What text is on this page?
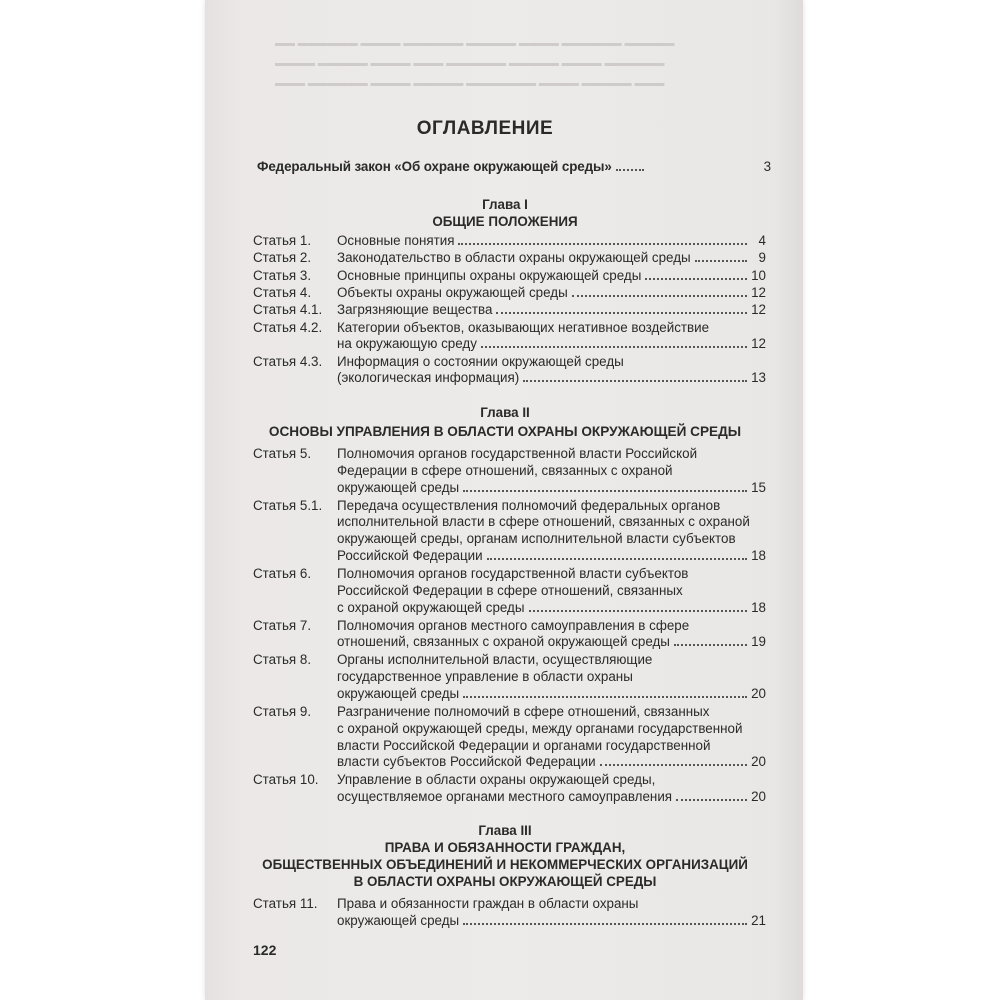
▬▬ ▬▬▬▬▬▬ ▬▬▬▬ ▬▬▬▬▬▬ ▬▬▬▬▬ ▬▬▬▬ ▬▬▬▬▬▬ ▬▬▬▬▬
▬▬▬▬ ▬▬▬▬▬ ▬▬▬▬ ▬▬▬ ▬▬▬▬▬▬ ▬▬▬▬▬ ▬▬▬▬ ▬▬▬▬▬▬
▬▬▬ ▬▬▬▬▬▬ ▬▬▬▬ ▬▬▬▬▬ ▬▬▬▬▬▬▬ ▬▬▬▬ ▬▬▬▬▬ ▬▬▬
ОГЛАВЛЕНИЕ
Федеральный закон «Об охране окружающей среды»	3
Глава I
ОБЩИЕ ПОЛОЖЕНИЯ
Статья 1. Основные понятия	4
Статья 2. Законодательство в области охраны окружающей среды	9
Статья 3. Основные принципы охраны окружающей среды	10
Статья 4. Объекты охраны окружающей среды	12
Статья 4.1. Загрязняющие вещества	12
Статья 4.2. Категории объектов, оказывающих негативное воздействие
на окружающую среду	12
Статья 4.3. Информация о состоянии окружающей среды
(экологическая информация)	13
Глава II
ОСНОВЫ УПРАВЛЕНИЯ В ОБЛАСТИ ОХРАНЫ ОКРУЖАЮЩЕЙ СРЕДЫ
Статья 5. Полномочия органов государственной власти Российской
Федерации в сфере отношений, связанных с охраной
окружающей среды	15
Статья 5.1. Передача осуществления полномочий федеральных органов
исполнительной власти в сфере отношений, связанных с охраной
окружающей среды, органам исполнительной власти субъектов
Российской Федерации	18
Статья 6. Полномочия органов государственной власти субъектов
Российской Федерации в сфере отношений, связанных
с охраной окружающей среды	18
Статья 7. Полномочия органов местного самоуправления в сфере
отношений, связанных с охраной окружающей среды	19
Статья 8. Органы исполнительной власти, осуществляющие
государственное управление в области охраны
окружающей среды	20
Статья 9. Разграничение полномочий в сфере отношений, связанных
с охраной окружающей среды, между органами государственной
власти Российской Федерации и органами государственной
власти субъектов Российской Федерации	20
Статья 10. Управление в области охраны окружающей среды,
осуществляемое органами местного самоуправления	20
Глава III
ПРАВА И ОБЯЗАННОСТИ ГРАЖДАН,
ОБЩЕСТВЕННЫХ ОБЪЕДИНЕНИЙ И НЕКОММЕРЧЕСКИХ ОРГАНИЗАЦИЙ
В ОБЛАСТИ ОХРАНЫ ОКРУЖАЮЩЕЙ СРЕДЫ
Статья 11. Права и обязанности граждан в области охраны
окружающей среды	21
122
